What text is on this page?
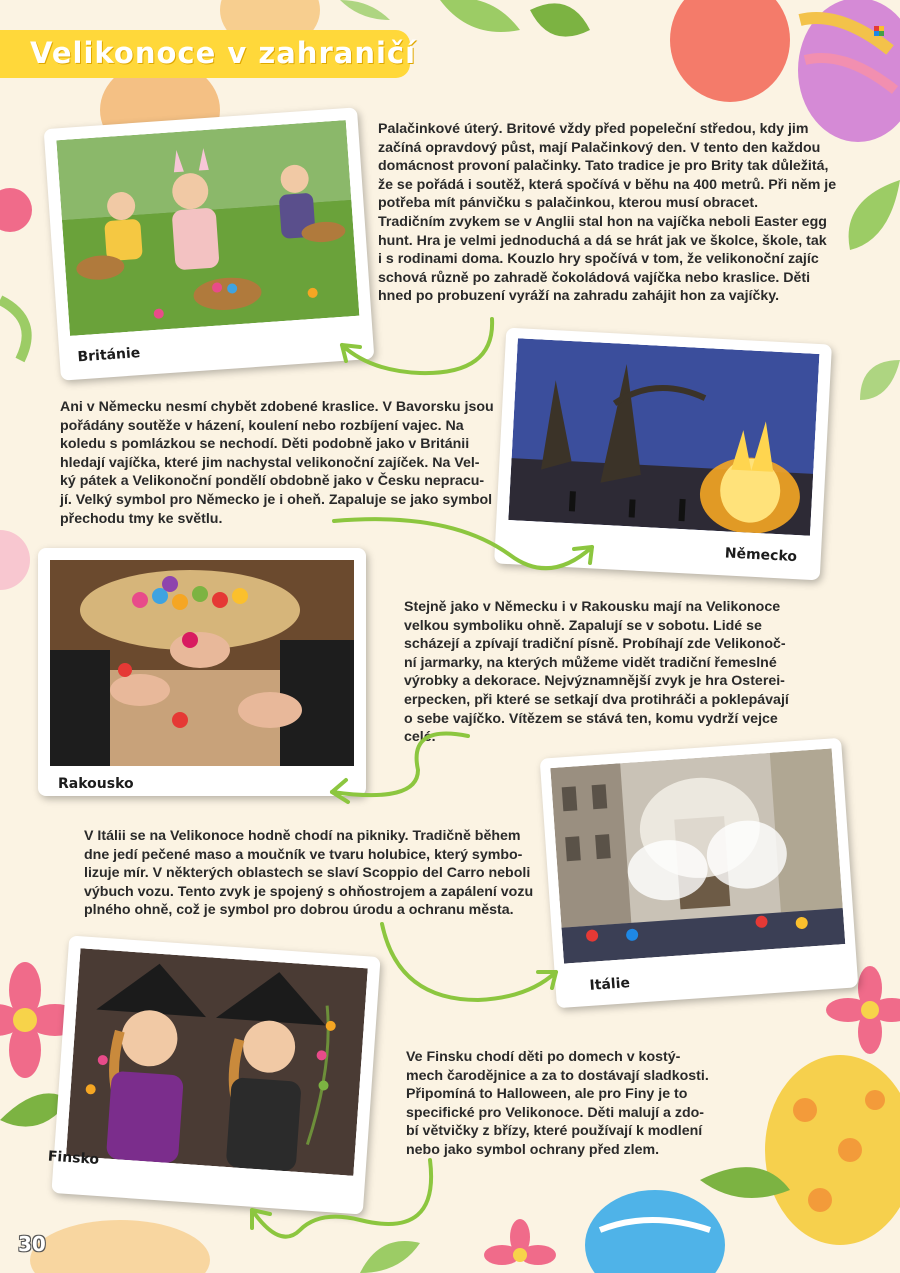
Velikonoce v zahraničí
Británie
Palačinkové úterý. Britové vždy před popeleční středou, kdy jim
začíná opravdový půst, mají Palačinkový den. V tento den každou
domácnost provoní palačinky. Tato tradice je pro Brity tak důležitá,
že se pořádá i soutěž, která spočívá v běhu na 400 metrů. Při něm je
potřeba mít pánvičku s palačinkou, kterou musí obracet.
Tradičním zvykem se v Anglii stal hon na vajíčka neboli Easter egg
hunt. Hra je velmi jednoduchá a dá se hrát jak ve školce, škole, tak
i s rodinami doma. Kouzlo hry spočívá v tom, že velikonoční zajíc
schová různě po zahradě čokoládová vajíčka nebo kraslice. Děti
hned po probuzení vyráží na zahradu zahájit hon za vajíčky.
Ani v Německu nesmí chybět zdobené kraslice. V Bavorsku jsou
pořádány soutěže v házení, koulení nebo rozbíjení vajec. Na
koledu s pomlázkou se nechodí. Děti podobně jako v Británii
hledají vajíčka, které jim nachystal velikonoční zajíček. Na Vel-
ký pátek a Velikonoční pondělí obdobně jako v Česku nepracu-
jí. Velký symbol pro Německo je i oheň. Zapaluje se jako symbol
přechodu tmy ke světlu.
Německo
Rakousko
Stejně jako v Německu i v Rakousku mají na Velikonoce
velkou symboliku ohně. Zapalují se v sobotu. Lidé se
scházejí a zpívají tradiční písně. Probíhají zde Velikonoč-
ní jarmarky, na kterých můžeme vidět tradiční řemeslné
výrobky a dekorace. Nejvýznamnější zvyk je hra Osterei-
erpecken, při které se setkají dva protihráči a poklepávají
o sebe vajíčko. Vítězem se stává ten, komu vydrží vejce
celé.
V Itálii se na Velikonoce hodně chodí na pikniky. Tradičně během
dne jedí pečené maso a moučník ve tvaru holubice, který symbo-
lizuje mír. V některých oblastech se slaví Scoppio del Carro neboli
výbuch vozu. Tento zvyk je spojený s ohňostrojem a zapálení vozu
plného ohně, což je symbol pro dobrou úrodu a ochranu města.
Itálie
Finsko
Ve Finsku chodí děti po domech v kostý-
mech čarodějnice a za to dostávají sladkosti.
Připomíná to Halloween, ale pro Finy je to
specifické pro Velikonoce. Děti malují a zdo-
bí větvičky z břízy, které používají k modlení
nebo jako symbol ochrany před zlem.
30
